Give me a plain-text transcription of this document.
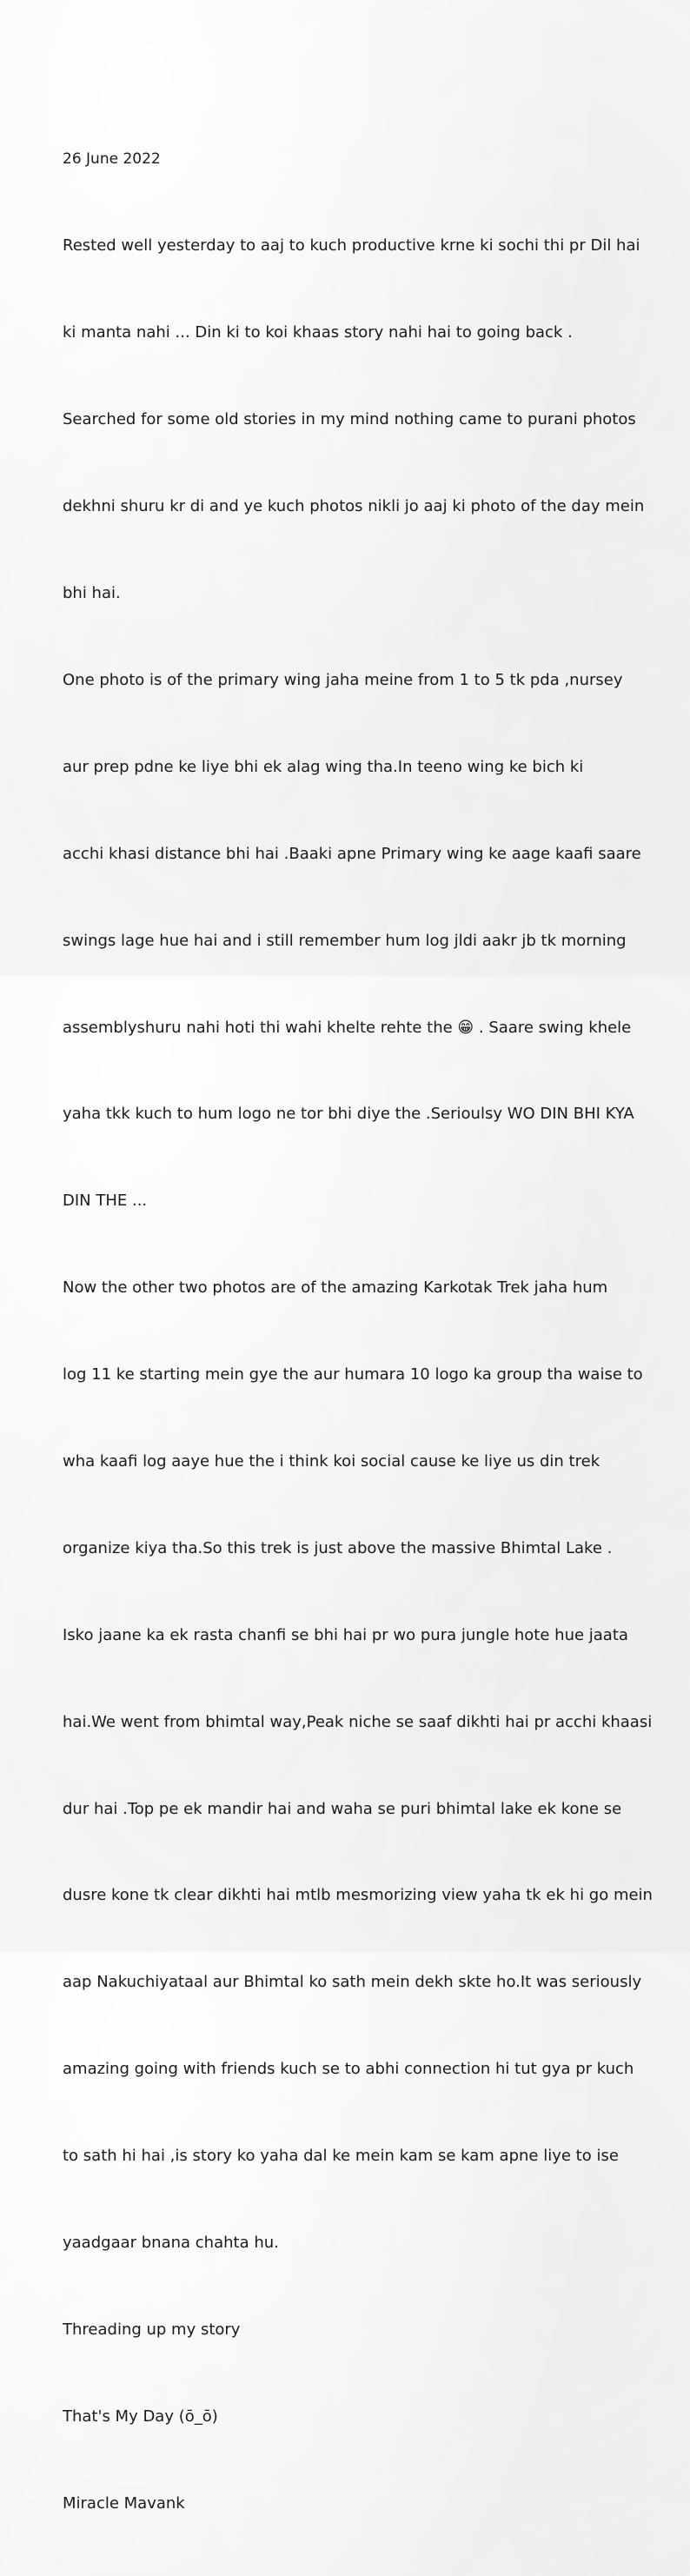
26 June 2022

Rested well yesterday to aaj to kuch productive krne ki sochi thi pr Dil hai

ki manta nahi ... Din ki to koi khaas story nahi hai to going back .

Searched for some old stories in my mind nothing came to purani photos

dekhni shuru kr di and ye kuch photos nikli jo aaj ki photo of the day mein

bhi hai.

One photo is of the primary wing jaha meine from 1 to 5 tk pda ,nursey

aur prep pdne ke liye bhi ek alag wing tha.In teeno wing ke bich ki

acchi khasi distance bhi hai .Baaki apne Primary wing ke aage kaafi saare

swings lage hue hai and i still remember hum log jldi aakr jb tk morning

assemblyshuru nahi hoti thi wahi khelte rehte the 😁 . Saare swing khele

yaha tkk kuch to hum logo ne tor bhi diye the .Serioulsy WO DIN BHI KYA

DIN THE ...

Now the other two photos are of the amazing Karkotak Trek jaha hum

log 11 ke starting mein gye the aur humara 10 logo ka group tha waise to

wha kaafi log aaye hue the i think koi social cause ke liye us din trek

organize kiya tha.So this trek is just above the massive Bhimtal Lake .

Isko jaane ka ek rasta chanfi se bhi hai pr wo pura jungle hote hue jaata

hai.We went from bhimtal way,Peak niche se saaf dikhti hai pr acchi khaasi

dur hai .Top pe ek mandir hai and waha se puri bhimtal lake ek kone se

dusre kone tk clear dikhti hai mtlb mesmorizing view yaha tk ek hi go mein

aap Nakuchiyataal aur Bhimtal ko sath mein dekh skte ho.It was seriously

amazing going with friends kuch se to abhi connection hi tut gya pr kuch

to sath hi hai ,is story ko yaha dal ke mein kam se kam apne liye to ise

yaadgaar bnana chahta hu.

Threading up my story

That's My Day (ō_ō)

Miracle Mavank
